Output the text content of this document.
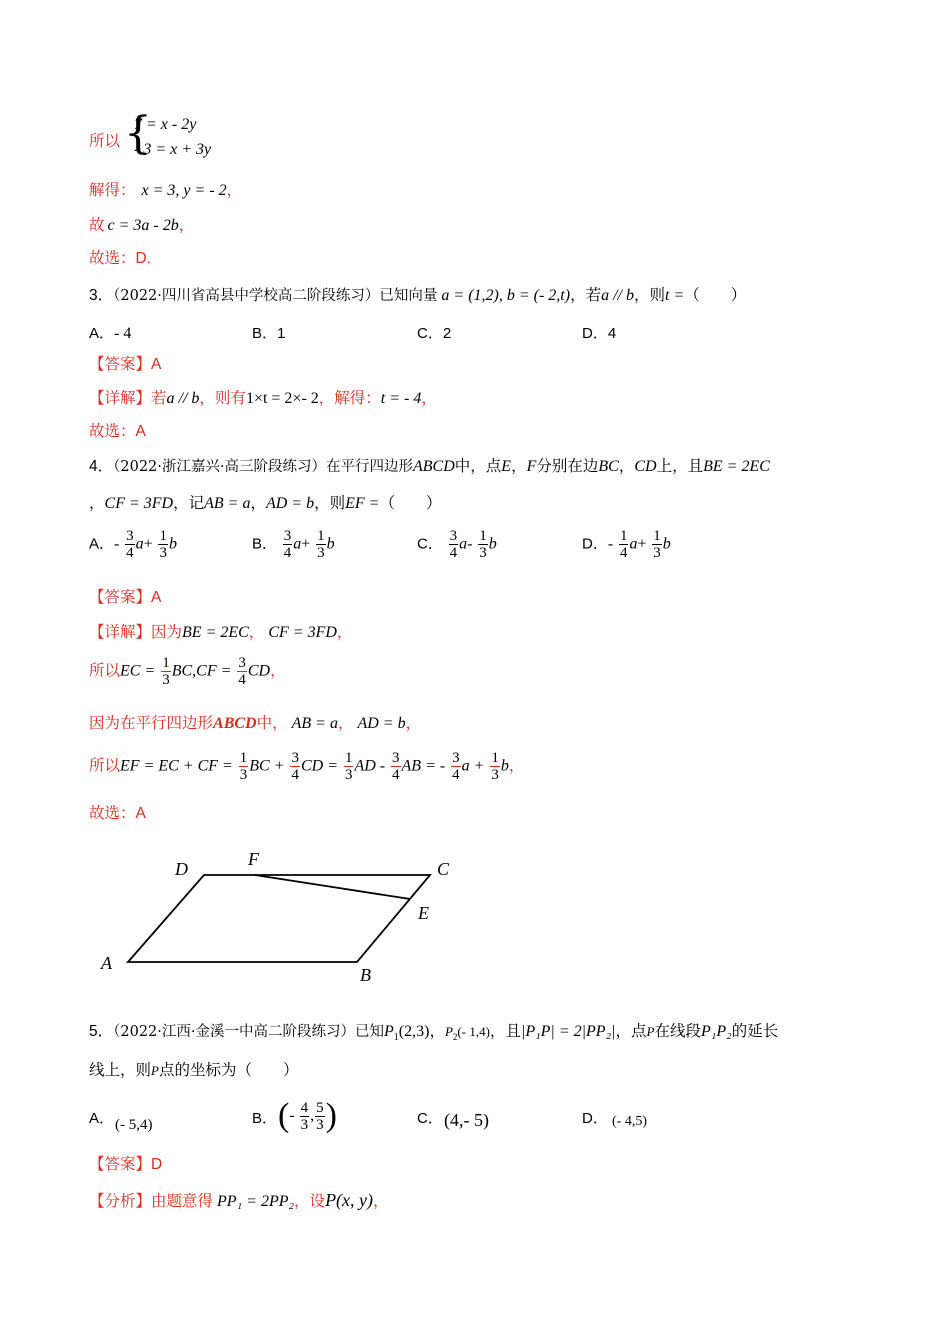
所以 {
7 = x - 2y
- 3 = x + 3y
解得： x = 3, y = - 2，
故 c = 3a - 2b，
故选：D.
3．（2022·四川省高县中学校高二阶段练习）已知向量 a = (1,2), b = (- 2,t)，若a // b，则t =（　　）
A．- 4	B．1	C．2	D．4
【答案】A
【详解】若a // b，则有1×t = 2×- 2，解得：t = - 4，
故选：A
4．（2022·浙江嘉兴·高三阶段练习）在平行四边形ABCD中，点E，F分别在边BC，CD上，且BE = 2EC
，CF = 3FD，记AB = a，AD = b，则EF =（　　）
A．- $\frac{3}{4} a+ \frac{1}{3}$ b	B． $\frac{3}{4} a+ \frac{1}{3}$ b	C． $\frac{3}{4} a- \frac{1}{3}$ b	D．- $\frac{1}{4} a+ \frac{1}{3}$ b
【答案】A
【详解】因为BE = 2EC， CF = 3FD，
所以EC = $\frac{1}{3} BC,CF = \frac{3}{4}$ CD，
因为在平行四边形ABCD中， AB = a， AD = b，
所以EF = EC + CF = $\frac{1}{3}$ BC + $\frac{3}{4}$ CD = $\frac{1}{3}$ AD - $\frac{3}{4}$ AB = - $\frac{3}{4}$ $a + \frac{1}{3}$ b，
故选：A
D	F	C
E
A
B
5．（2022·江西·金溪一中高二阶段练习）已知$P_1(2,3)$，$P_2(-$ 1,4)，且|P₁P| = 2|PP₂|，点P在线段P₁P₂的延长
线上，则P点的坐标为（　　）
A． (- 5,4)	B． (- $\frac{4}{3}$ , $\frac{5}{3}$ )	C． (4,- 5)	D． (- 4,5)
【答案】D
【分析】由题意得 PP₁ = 2PP₂，设P(x, y)，
